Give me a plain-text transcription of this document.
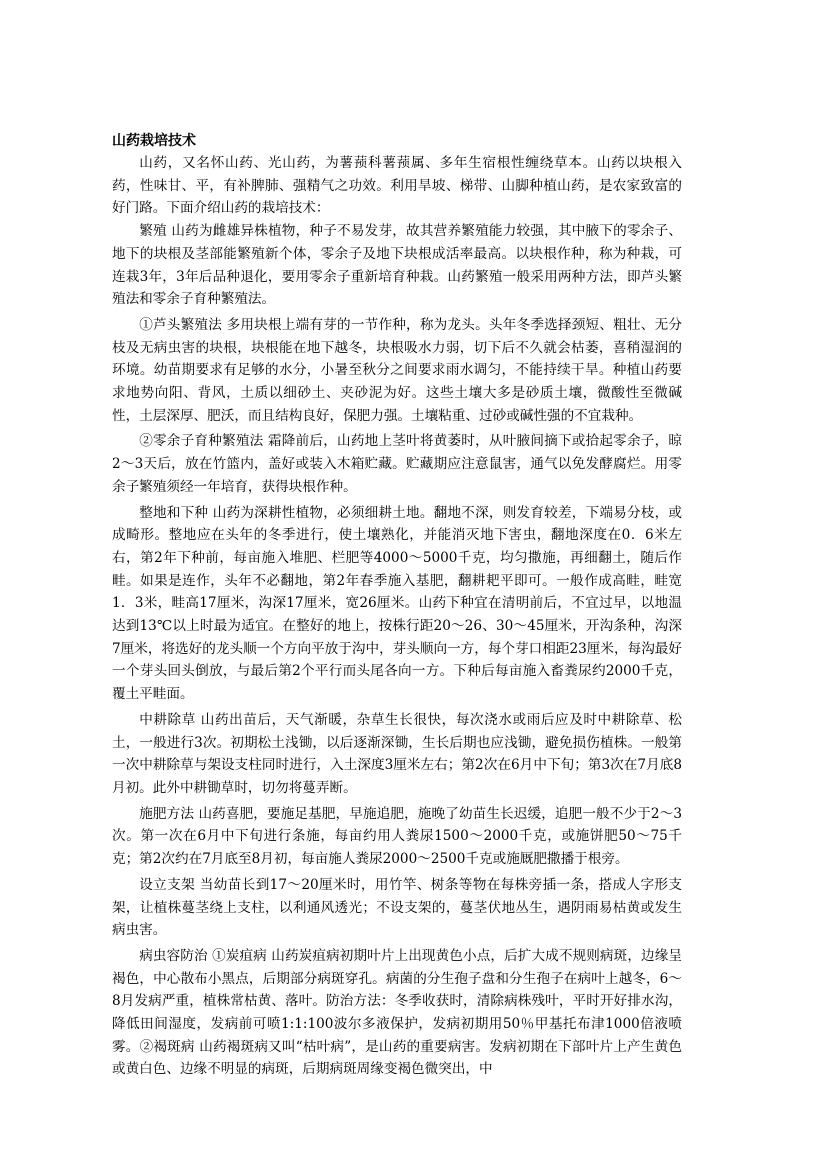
山药栽培技术

山药，又名怀山药、光山药，为薯蓣科薯蓣属、多年生宿根性缠绕草本。山药以块根入药，性味甘、平，有补脾肺、强精气之功效。利用旱坡、梯带、山脚种植山药，是农家致富的好门路。下面介绍山药的栽培技术：

繁殖 山药为雌雄异株植物，种子不易发芽，故其营养繁殖能力较强，其中腋下的零余子、地下的块根及茎部能繁殖新个体，零余子及地下块根成活率最高。以块根作种，称为种栽，可连栽3年，3年后品种退化，要用零余子重新培育种栽。山药繁殖一般采用两种方法，即芦头繁殖法和零余子育种繁殖法。

①芦头繁殖法 多用块根上端有芽的一节作种，称为龙头。头年冬季选择颈短、粗壮、无分枝及无病虫害的块根，块根能在地下越冬，块根吸水力弱，切下后不久就会枯萎，喜稍湿润的环境。幼苗期要求有足够的水分，小暑至秋分之间要求雨水调匀，不能持续干旱。种植山药要求地势向阳、背风，土质以细砂土、夹砂泥为好。这些土壤大多是砂质土壤，微酸性至微碱性，土层深厚、肥沃，而且结构良好，保肥力强。土壤粘重、过砂或碱性强的不宜栽种。

②零余子育种繁殖法 霜降前后，山药地上茎叶将黄萎时，从叶腋间摘下或拾起零余子，晾2～3天后，放在竹篮内，盖好或装入木箱贮藏。贮藏期应注意鼠害，通气以免发酵腐烂。用零余子繁殖须经一年培育，获得块根作种。

整地和下种 山药为深耕性植物，必须细耕土地。翻地不深，则发育较差，下端易分枝，或成畸形。整地应在头年的冬季进行，使土壤熟化，并能消灭地下害虫，翻地深度在0．6米左右，第2年下种前，每亩施入堆肥、栏肥等4000～5000千克，均匀撒施，再细翻土，随后作畦。如果是连作，头年不必翻地，第2年春季施入基肥，翻耕耙平即可。一般作成高畦，畦宽1．3米，畦高17厘米，沟深17厘米，宽26厘米。山药下种宜在清明前后，不宜过早，以地温达到13℃以上时最为适宜。在整好的地上，按株行距20～26、30～45厘米，开沟条种，沟深7厘米，将选好的龙头顺一个方向平放于沟中，芽头顺向一方，每个芽口相距23厘米，每沟最好一个芽头回头倒放，与最后第2个平行而头尾各向一方。下种后每亩施入畜粪尿约2000千克，覆土平畦面。

中耕除草 山药出苗后，天气渐暖，杂草生长很快，每次浇水或雨后应及时中耕除草、松土，一般进行3次。初期松土浅锄，以后逐渐深锄，生长后期也应浅锄，避免损伤植株。一般第一次中耕除草与架设支柱同时进行，入土深度3厘米左右；第2次在6月中下旬；第3次在7月底8月初。此外中耕锄草时，切勿将蔓弄断。

施肥方法 山药喜肥，要施足基肥，早施追肥，施晚了幼苗生长迟缓，追肥一般不少于2～3次。第一次在6月中下旬进行条施，每亩约用人粪尿1500～2000千克，或施饼肥50～75千克；第2次约在7月底至8月初，每亩施人粪尿2000～2500千克或施厩肥撒播于根旁。

设立支架 当幼苗长到17～20厘米时，用竹竿、树条等物在每株旁插一条，搭成人字形支架，让植株蔓茎绕上支柱，以利通风透光；不设支架的，蔓茎伏地丛生，遇阴雨易枯黄或发生病虫害。

病虫容防治 ①炭疽病 山药炭疽病初期叶片上出现黄色小点，后扩大成不规则病斑，边缘呈褐色，中心散布小黑点，后期部分病斑穿孔。病菌的分生孢子盘和分生孢子在病叶上越冬，6～8月发病严重，植株常枯黄、落叶。防治方法：冬季收获时，清除病株残叶，平时开好排水沟，降低田间湿度，发病前可喷1:1:100波尔多液保护，发病初期用50％甲基托布津1000倍液喷雾。②褐斑病 山药褐斑病又叫“枯叶病”，是山药的重要病害。发病初期在下部叶片上产生黄色或黄白色、边缘不明显的病斑，后期病斑周缘变褐色微突出，中
